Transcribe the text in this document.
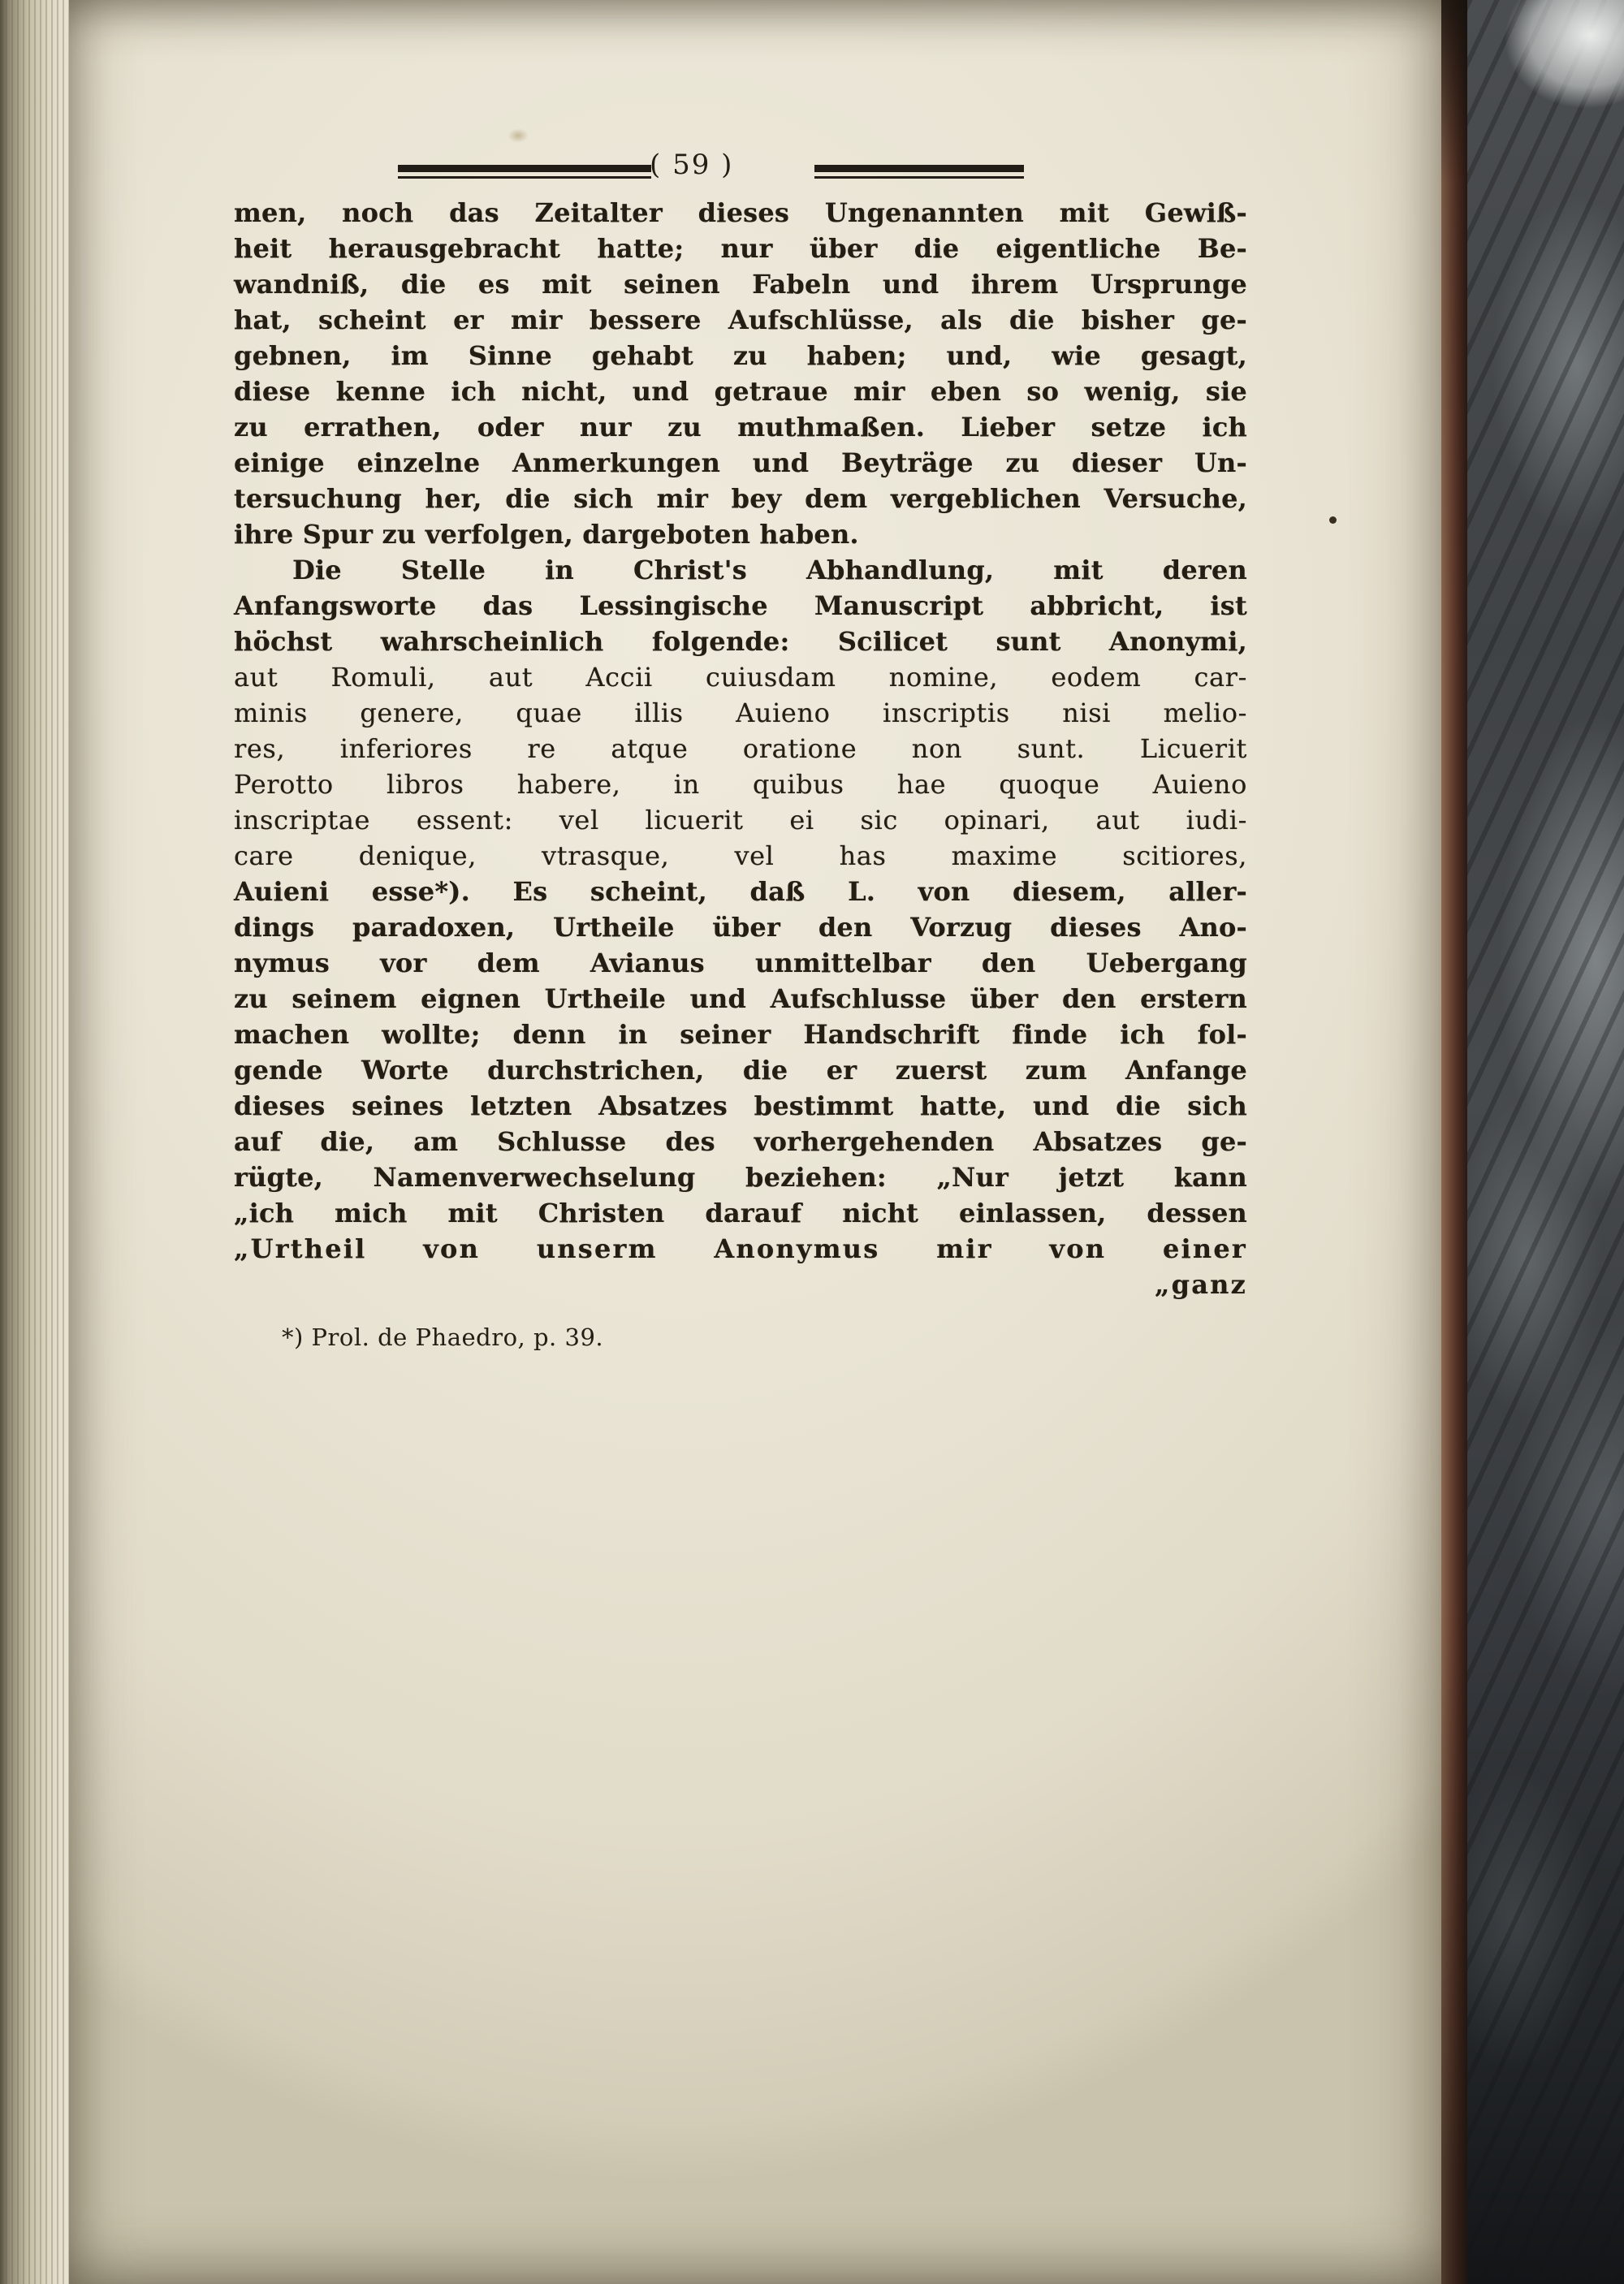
( 59 )
men, noch das Zeitalter dieses Ungenannten mit Gewiß-
heit herausgebracht hatte; nur über die eigentliche Be-
wandniß, die es mit seinen Fabeln und ihrem Ursprunge
hat, scheint er mir bessere Aufschlüsse, als die bisher ge-
gebnen, im Sinne gehabt zu haben; und, wie gesagt,
diese kenne ich nicht, und getraue mir eben so wenig, sie
zu errathen, oder nur zu muthmaßen. Lieber setze ich
einige einzelne Anmerkungen und Beyträge zu dieser Un-
tersuchung her, die sich mir bey dem vergeblichen Versuche,
ihre Spur zu verfolgen, dargeboten haben.
Die Stelle in Christ's Abhandlung, mit deren
Anfangsworte das Lessingische Manuscript abbricht, ist
höchst wahrscheinlich folgende: Scilicet sunt Anonymi,
aut Romuli, aut Accii cuiusdam nomine, eodem car-
minis genere, quae illis Auieno inscriptis nisi melio-
res, inferiores re atque oratione non sunt. Licuerit
Perotto libros habere, in quibus hae quoque Auieno
inscriptae essent: vel licuerit ei sic opinari, aut iudi-
care denique, vtrasque, vel has maxime scitiores,
Auieni esse*). Es scheint, daß L. von diesem, aller-
dings paradoxen, Urtheile über den Vorzug dieses Ano-
nymus vor dem Avianus unmittelbar den Uebergang
zu seinem eignen Urtheile und Aufschlusse über den erstern
machen wollte; denn in seiner Handschrift finde ich fol-
gende Worte durchstrichen, die er zuerst zum Anfange
dieses seines letzten Absatzes bestimmt hatte, und die sich
auf die, am Schlusse des vorhergehenden Absatzes ge-
rügte, Namenverwechselung beziehen: „Nur jetzt kann
„ich mich mit Christen darauf nicht einlassen, dessen
„Urtheil von unserm Anonymus mir von einer
„ganz
*) Prol. de Phaedro, p. 39.
